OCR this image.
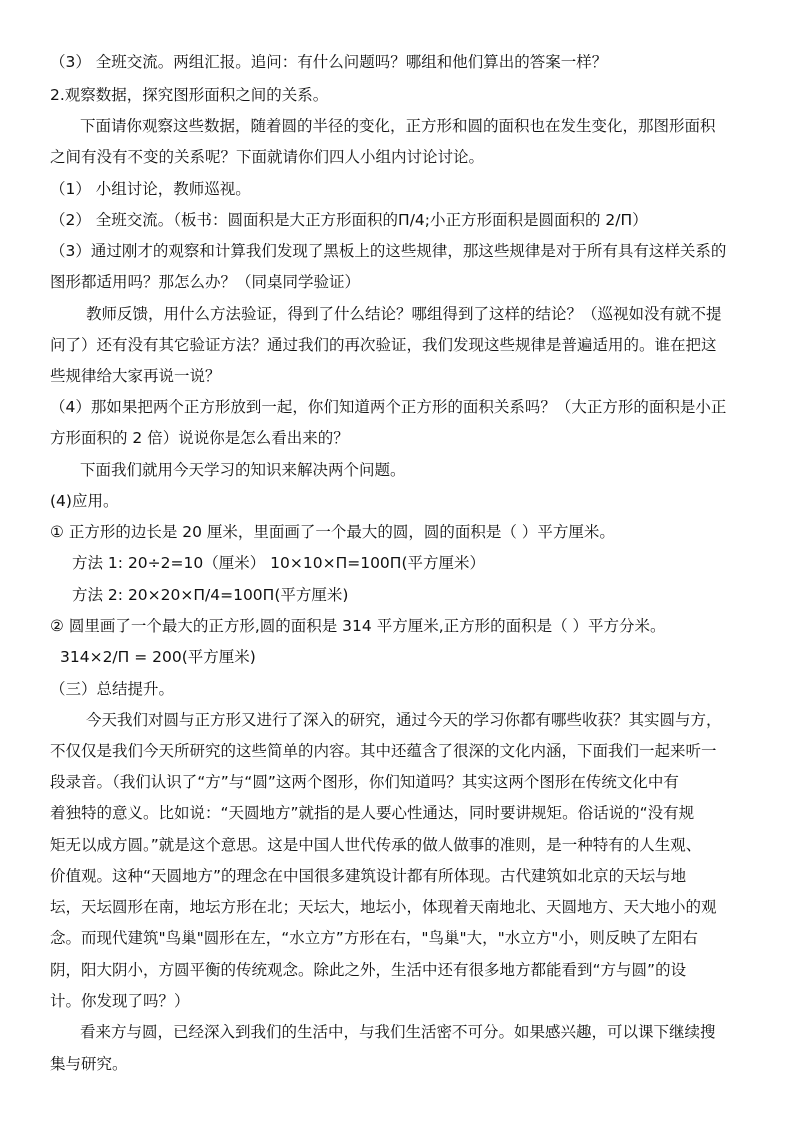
（3） 全班交流。两组汇报。追问：有什么问题吗？哪组和他们算出的答案一样？
2.观察数据，探究图形面积之间的关系。
下面请你观察这些数据，随着圆的半径的变化，正方形和圆的面积也在发生变化，那图形面积
之间有没有不变的关系呢？下面就请你们四人小组内讨论讨论。
（1） 小组讨论，教师巡视。
（2） 全班交流。（板书：圆面积是大正方形面积的Π/4;小正方形面积是圆面积的 2/Π）
（3）通过刚才的观察和计算我们发现了黑板上的这些规律，那这些规律是对于所有具有这样关系的
图形都适用吗？那怎么办？（同桌同学验证）
教师反馈，用什么方法验证，得到了什么结论？哪组得到了这样的结论？（巡视如没有就不提
问了）还有没有其它验证方法？通过我们的再次验证，我们发现这些规律是普遍适用的。谁在把这
些规律给大家再说一说？
（4）那如果把两个正方形放到一起，你们知道两个正方形的面积关系吗？（大正方形的面积是小正
方形面积的 2 倍）说说你是怎么看出来的？
下面我们就用今天学习的知识来解决两个问题。
(4)应用。
① 正方形的边长是 20 厘米，里面画了一个最大的圆，圆的面积是（ ）平方厘米。
方法 1: 20÷2=10（厘米） 10×10×Π=100Π(平方厘米）
方法 2: 20×20×Π/4=100Π(平方厘米)
② 圆里画了一个最大的正方形,圆的面积是 314 平方厘米,正方形的面积是（ ）平方分米。
314×2/Π = 200(平方厘米)
（三）总结提升。
今天我们对圆与正方形又进行了深入的研究，通过今天的学习你都有哪些收获？其实圆与方，
不仅仅是我们今天所研究的这些简单的内容。其中还蕴含了很深的文化内涵，下面我们一起来听一
段录音。（我们认识了“方”与“圆”这两个图形，你们知道吗？其实这两个图形在传统文化中有
着独特的意义。比如说：“天圆地方”就指的是人要心性通达，同时要讲规矩。俗话说的“没有规
矩无以成方圆。”就是这个意思。这是中国人世代传承的做人做事的准则，是一种特有的人生观、
价值观。这种“天圆地方”的理念在中国很多建筑设计都有所体现。古代建筑如北京的天坛与地
坛，天坛圆形在南，地坛方形在北；天坛大，地坛小，体现着天南地北、天圆地方、天大地小的观
念。而现代建筑"鸟巢"圆形在左，“水立方”方形在右，"鸟巢"大，"水立方"小，则反映了左阳右
阴，阳大阴小，方圆平衡的传统观念。除此之外，生活中还有很多地方都能看到“方与圆”的设
计。你发现了吗？）
看来方与圆，已经深入到我们的生活中，与我们生活密不可分。如果感兴趣，可以课下继续搜
集与研究。
